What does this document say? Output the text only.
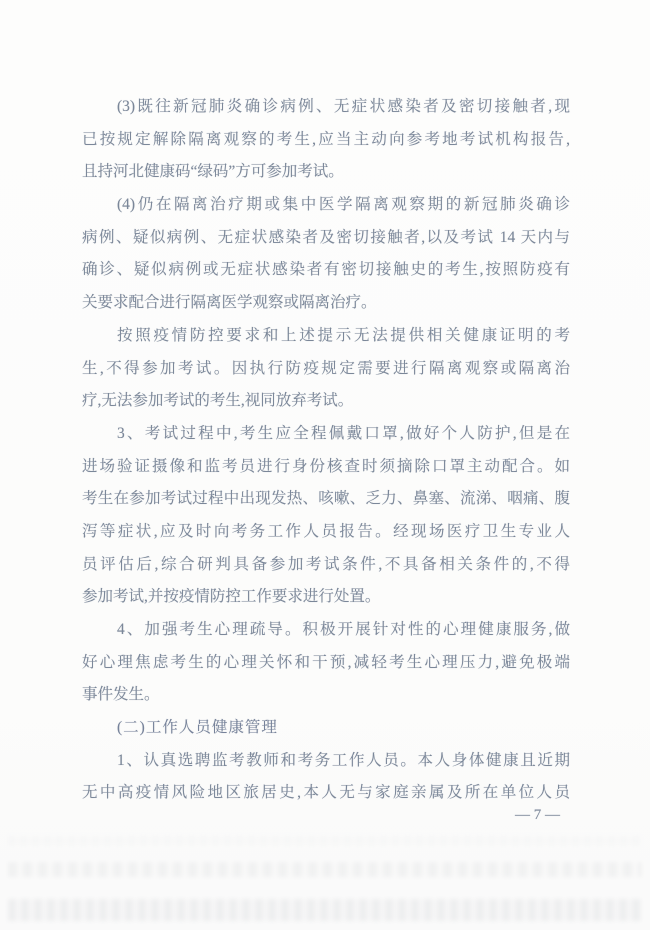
(3)既往新冠肺炎确诊病例、无症状感染者及密切接触者,现
已按规定解除隔离观察的考生,应当主动向参考地考试机构报告,
且持河北健康码“绿码”方可参加考试。
(4)仍在隔离治疗期或集中医学隔离观察期的新冠肺炎确诊
病例、疑似病例、无症状感染者及密切接触者,以及考试 14 天内与
确诊、疑似病例或无症状感染者有密切接触史的考生,按照防疫有
关要求配合进行隔离医学观察或隔离治疗。
按照疫情防控要求和上述提示无法提供相关健康证明的考
生,不得参加考试。因执行防疫规定需要进行隔离观察或隔离治
疗,无法参加考试的考生,视同放弃考试。
3、考试过程中,考生应全程佩戴口罩,做好个人防护,但是在
进场验证摄像和监考员进行身份核查时须摘除口罩主动配合。如
考生在参加考试过程中出现发热、咳嗽、乏力、鼻塞、流涕、咽痛、腹
泻等症状,应及时向考务工作人员报告。经现场医疗卫生专业人
员评估后,综合研判具备参加考试条件,不具备相关条件的,不得
参加考试,并按疫情防控工作要求进行处置。
4、加强考生心理疏导。积极开展针对性的心理健康服务,做
好心理焦虑考生的心理关怀和干预,减轻考生心理压力,避免极端
事件发生。
(二)工作人员健康管理
1、认真选聘监考教师和考务工作人员。本人身体健康且近期
无中高疫情风险地区旅居史,本人无与家庭亲属及所在单位人员
— 7 —
